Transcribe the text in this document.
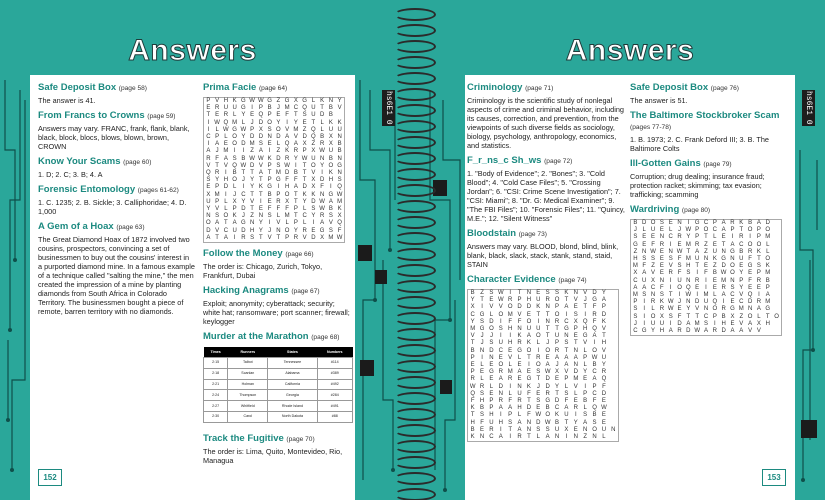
hs6E1 0	hs6E1 0
Answers
Safe Deposit Box (page 58)
The answer is 41.
From Francs to Crowns (page 59)
Answers may vary. FRANC, frank, flank, blank, black, block, blocs, blows, blown, brown, CROWN
Know Your Scams (page 60)
1. D; 2. C; 3. B; 4. A
Forensic Entomology (pages 61-62)
1. C. 1235; 2. B. Sickle; 3. Calliphoridae; 4. D. 1,000
A Gem of a Hoax (page 63)
The Great Diamond Hoax of 1872 involved two cousins, prospectors, convincing a set of businessmen to buy out the cousins' interest in a purported diamond mine. In a famous example of a technique called "salting the mine," the men created the impression of a mine by planting diamonds from South Africa in Colorado Territory. The businessmen bought a piece of remote, barren territory with no diamonds.
Prima Facie (page 64)
P V H K G W W G Z G X G L K N Y
E R U U G I P B J M C Q U T B V
T E R L Y E Q P E F T S U D B
I W Q M L J D O Y I Y E T L K K
I	L W G W P X S O V M Z Q L U U
C P L O Y D D N D A V D Q B X N
I A E O D M S E L Q A X Z R X B
A J M I	I	Z A I	Z K R P X W U B
R F A S B W W K D R Y W U N B N
V T V Q W D V P S W I	T O Y O G
Q R I B T T A T M D B T V I K N
S Y H O J Y T P G F F T X D H S
E P D L	I Y K G I H A D X F	I Q
X M I	J C T T B P O T K K N G W
U P L X Y V I E R X T Y D W A M
Y V L P D T E F F F P L S W B K
N S O K J Z N S L M T C Y R S X
O A T A G N Y I V L P L	I A V Q
D V C U D H Y J N O Y R E G S F
A T A I R S T V T P R V D X M W
Follow the Money (page 66)
The order is: Chicago, Zurich, Tokyo, Frankfurt, Dubai
Hacking Anagrams (page 67)
Exploit; anonymity; cyberattack; security; white hat; ransomware; port scanner; firewall; keylogger
Murder at the Marathon (page 68)
Times	Runners	States	Numbers
2:15	Talbot	Tennessee	#114
2:18	Scanlan	Alabama	#389
2:21	Holman	California	#492
2:24	Thompson	Georgia	#284
2:27	Whitfield	Rhode Island	#491
2:30	Carol	North Dakota	#88
Track the Fugitive (page 70)
The order is: Lima, Quito, Montevideo, Rio, Managua
152
Answers
Criminology (page 71)
Criminology is the scientific study of nonlegal aspects of crime and criminal behavior, including its causes, correction, and prevention, from the viewpoints of such diverse fields as sociology, biology, psychology, anthropology, economics, and statistics.
F_r_ns_c Sh_ws (page 72)
1. "Body of Evidence"; 2. "Bones"; 3. "Cold Blood"; 4. "Cold Case Files"; 5. "Crossing Jordan"; 6. "CSI: Crime Scene Investigation"; 7. "CSI: Miami"; 8. "Dr. G: Medical Examiner"; 9. "The FBI Files"; 10. "Forensic Files"; 11. "Quincy, M.E."; 12. "Silent Witness"
Bloodstain (page 73)
Answers may vary. BLOOD, blond, blind, blink, blank, black, slack, stack, stank, stand, staid, STAIN
Character Evidence (page 74)
B Z S W I	T N E S S K N V D Y
Y T E W R P H U R O T V J G A
X	I	V V O D D K N P A E T F P
C G L O M V E T T O	I	S	I	R D
Y S D	I	F F O	I	N R C X Q F K
M G O S H N U U T T G P H Q V
V J	J	I	I	K A O T U N E G A T
T	J S U H R K L	J P S T V	I	H
B N D C E G O	I	O R T N L O V
P	I	N E V L T R E A A A P W U
E L E O L E	I	O A J A N L B Y
P E G R M A E S W X V D Y C R
R L E A R E G T D E P M E A Q
W R L D	I	N K J D Y L V	I	P F
Q S E N L U F E R T S L P C D
F H P R F R T S G D F E B F E
K B P A A H D E B C A R L Q W
T S H	I	P L F W O K U	I	S B E
H F U H S A N D W B T Y A S E
B E R	I	T A N S S U X E N O U N
K N C A	I	R T L A N	I	N Z N L
Safe Deposit Box (page 76)
The answer is 51.
The Baltimore Stockbroker Scam (pages 77-78)
1. B. 1973; 2. C. Frank Deford III; 3. B. The Baltimore Colts
Ill-Gotten Gains (page 79)
Corruption; drug dealing; insurance fraud; protection racket; skimming; tax evasion; trafficking; scamming
Wardriving (page 80)
B D O S E N I G C P A R K B A D
J L U E L J W P O C A P T O P O
S E E N C R Y P T L E I R I P M
G E F R I E M R Z E T A C O O L
Z N W E N W T A Z U N G B R K L
H S S E S F M U N K G N U F T O
M F Z E V S H T E Z D O E G S K
X A V E R F S I	F B W O Y E P M
C U X N I U N R I E M N P F R B
A A C F	I O Q E I E R S Y E E P
M S N S T	I W I M L A C V Q I A
P I R K W J N D U Q I E C D R M
S I	L R W E Y V N O R G M N A G
S I O X S F T T C P B X Z O L T O
J	I U U I D A M S I H E V A X H
C G Y H A R D W A R D A A V V
153
